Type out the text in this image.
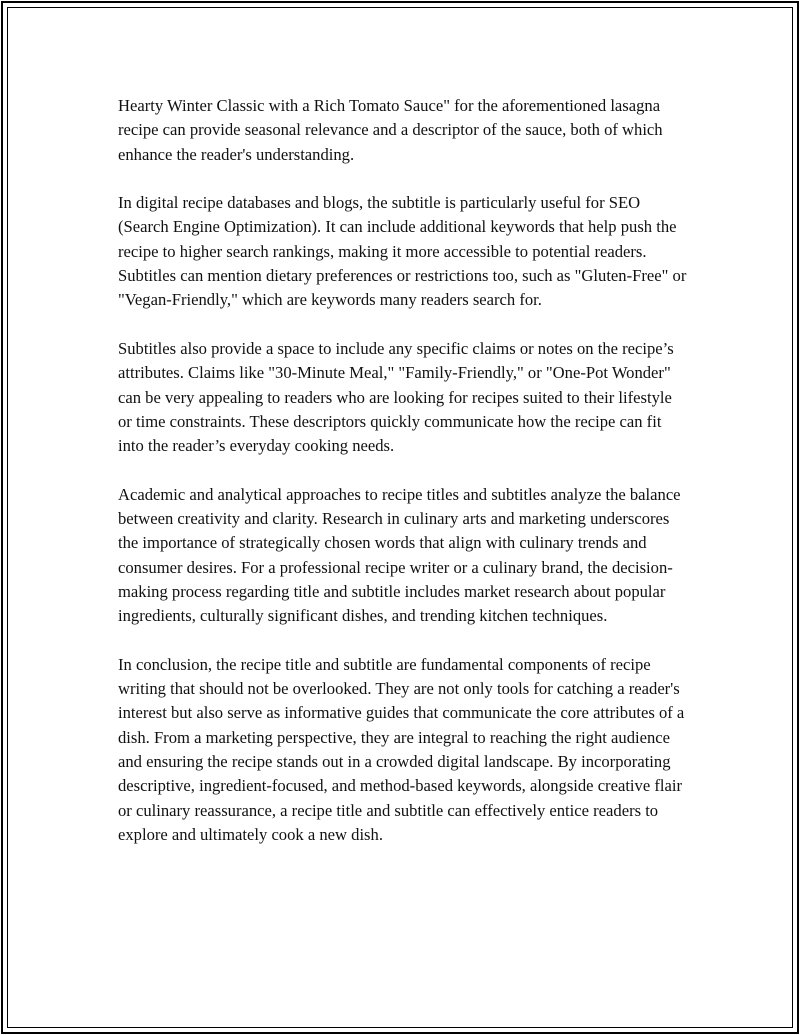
Hearty Winter Classic with a Rich Tomato Sauce" for the aforementioned lasagna recipe can provide seasonal relevance and a descriptor of the sauce, both of which enhance the reader's understanding.

In digital recipe databases and blogs, the subtitle is particularly useful for SEO (Search Engine Optimization). It can include additional keywords that help push the recipe to higher search rankings, making it more accessible to potential readers. Subtitles can mention dietary preferences or restrictions too, such as "Gluten-Free" or "Vegan-Friendly," which are keywords many readers search for.

Subtitles also provide a space to include any specific claims or notes on the recipe’s attributes. Claims like "30-Minute Meal," "Family-Friendly," or "One-Pot Wonder" can be very appealing to readers who are looking for recipes suited to their lifestyle or time constraints. These descriptors quickly communicate how the recipe can fit into the reader’s everyday cooking needs.

Academic and analytical approaches to recipe titles and subtitles analyze the balance between creativity and clarity. Research in culinary arts and marketing underscores the importance of strategically chosen words that align with culinary trends and consumer desires. For a professional recipe writer or a culinary brand, the decision-making process regarding title and subtitle includes market research about popular ingredients, culturally significant dishes, and trending kitchen techniques.

In conclusion, the recipe title and subtitle are fundamental components of recipe writing that should not be overlooked. They are not only tools for catching a reader's interest but also serve as informative guides that communicate the core attributes of a dish. From a marketing perspective, they are integral to reaching the right audience and ensuring the recipe stands out in a crowded digital landscape. By incorporating descriptive, ingredient-focused, and method-based keywords, alongside creative flair or culinary reassurance, a recipe title and subtitle can effectively entice readers to explore and ultimately cook a new dish.
